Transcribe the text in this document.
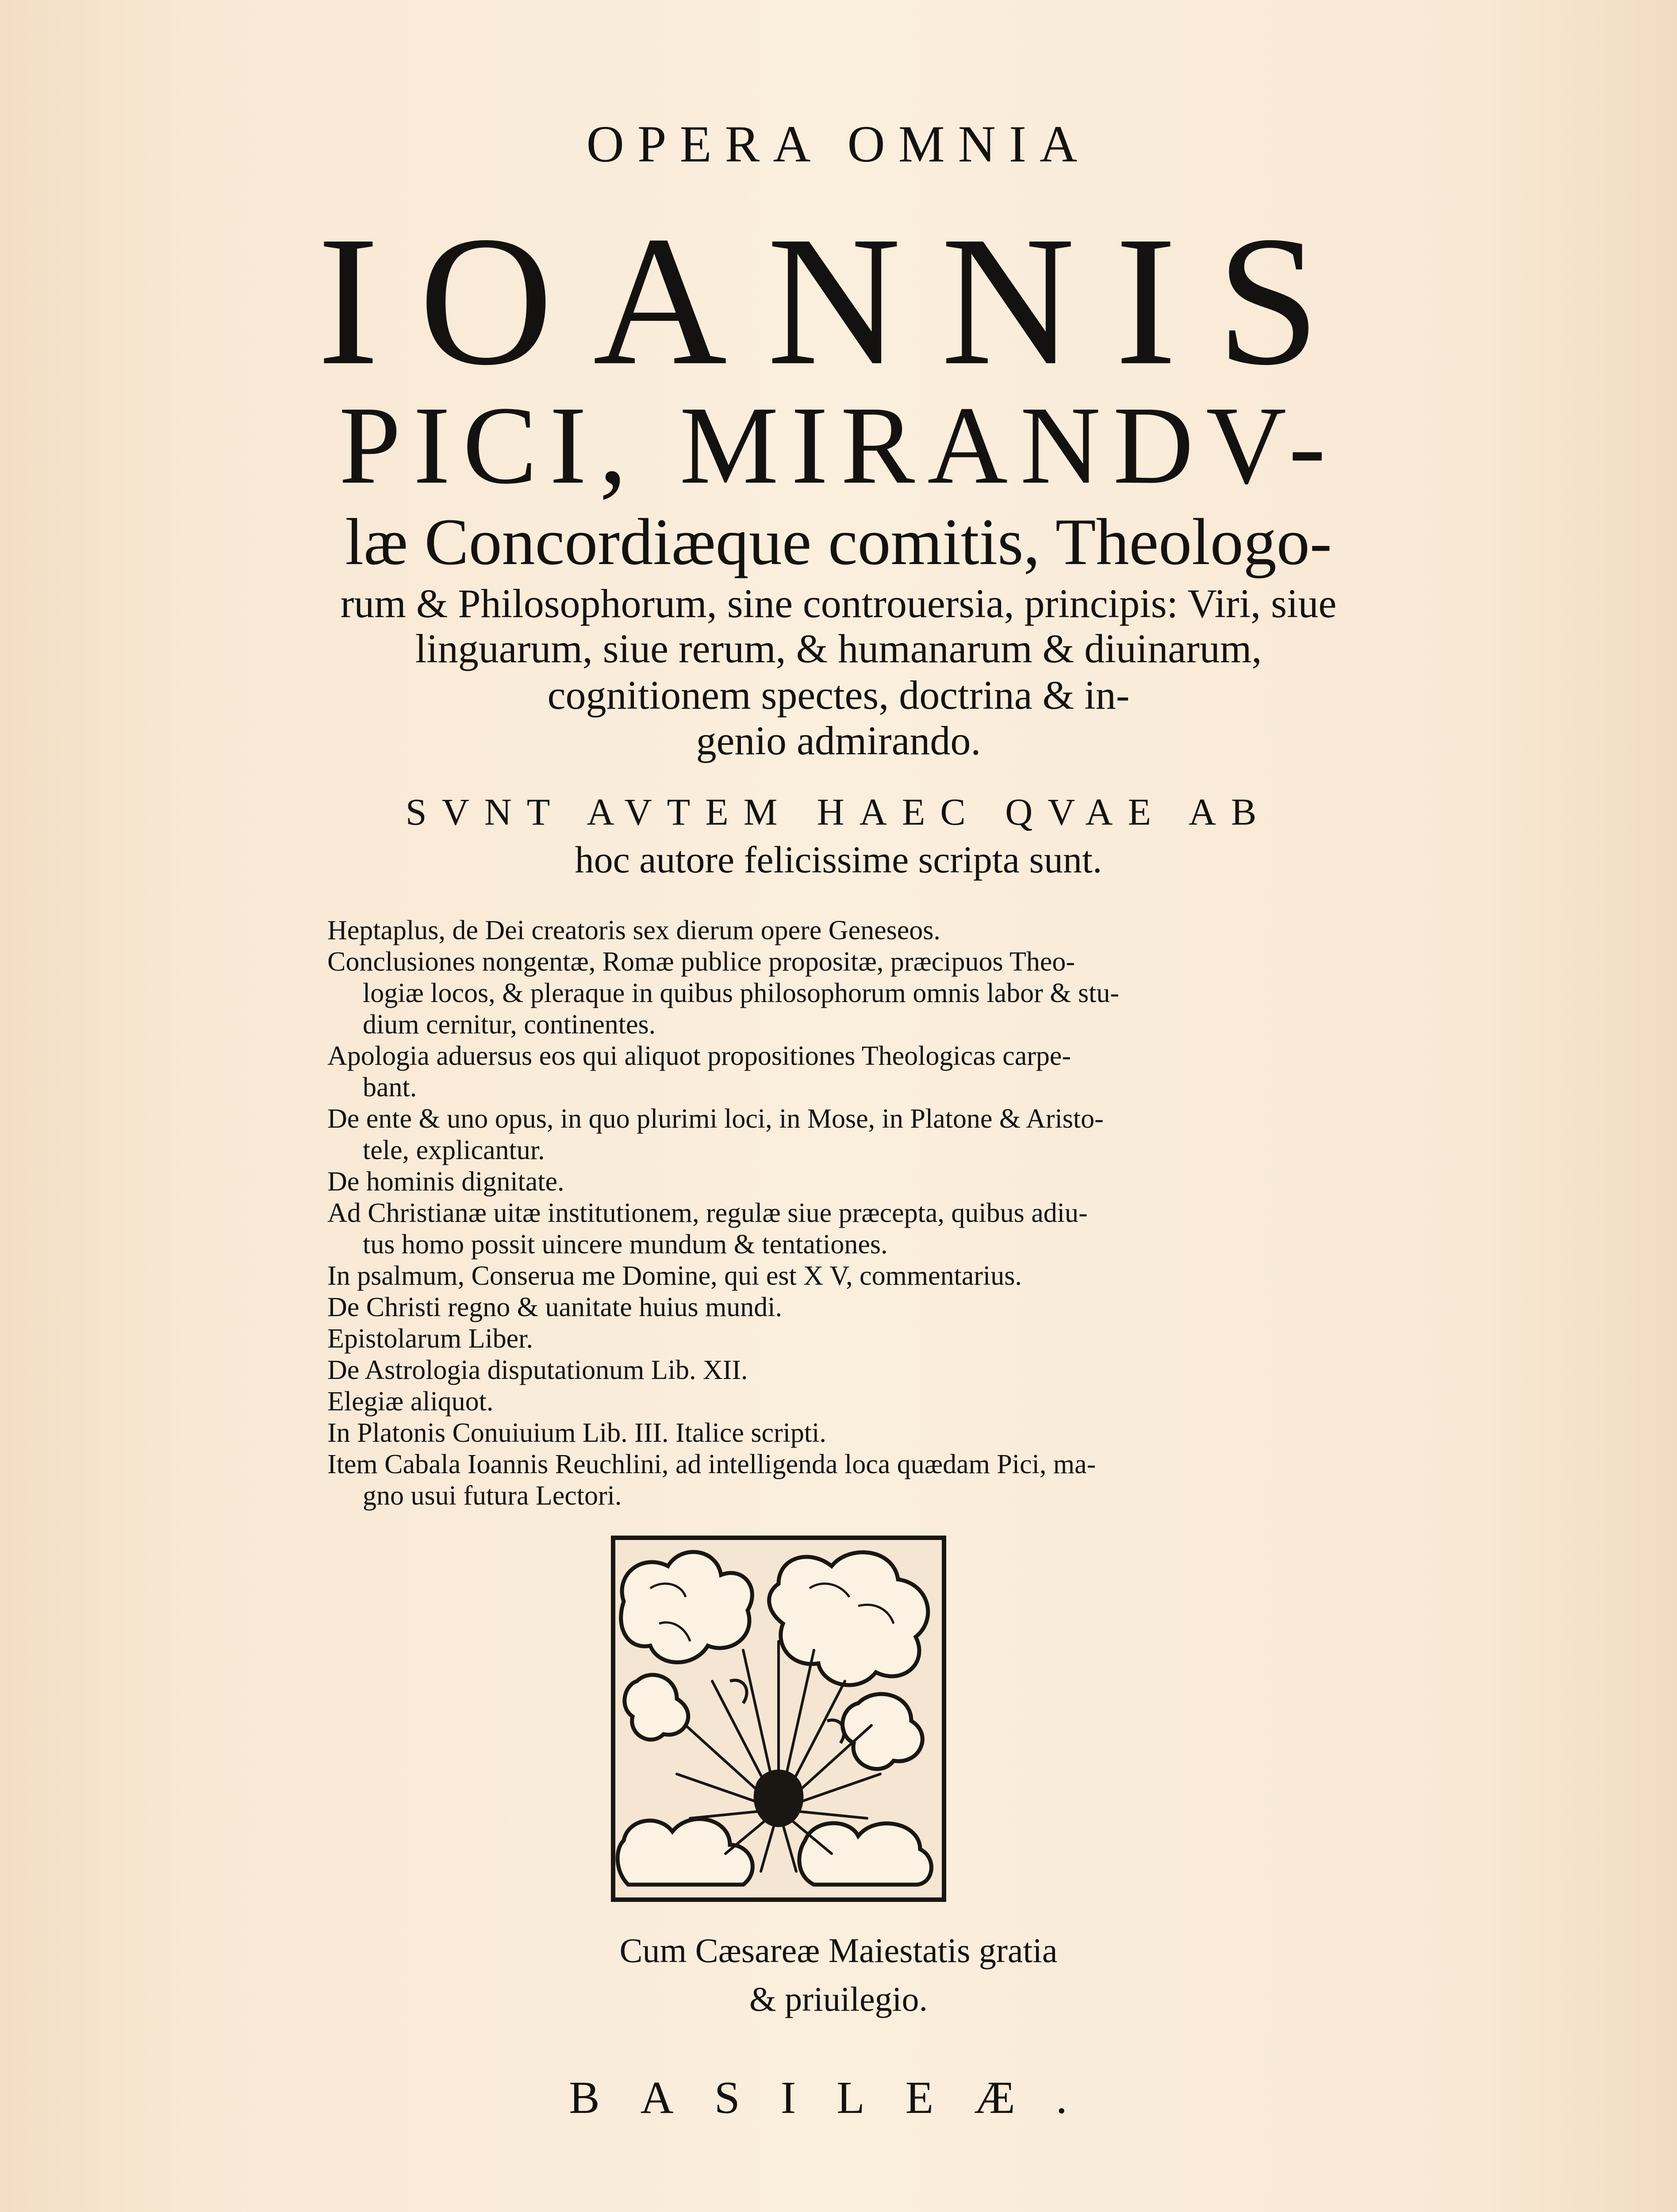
OPERA OMNIA
IOANNIS
PICI, MIRANDV-
læ Concordiæque comitis, Theologo-
rum & Philosophorum, sine controuersia, principis: Viri, siue
linguarum, siue rerum, & humanarum & diuinarum,
cognitionem spectes, doctrina & in-
genio admirando.
SVNT AVTEM HAEC QVAE AB
hoc autore felicissime scripta sunt.
Heptaplus, de Dei creatoris sex dierum opere Geneseos.
Conclusiones nongentæ, Romæ publice propositæ, præcipuos Theo-
logiæ locos, & pleraque in quibus philosophorum omnis labor & stu-
dium cernitur, continentes.
Apologia aduersus eos qui aliquot propositiones Theologicas carpe-
bant.
De ente & uno opus, in quo plurimi loci, in Mose, in Platone & Aristo-
tele, explicantur.
De hominis dignitate.
Ad Christianæ uitæ institutionem, regulæ siue præcepta, quibus adiu-
tus homo possit uincere mundum & tentationes.
In psalmum, Conserua me Domine, qui est X V, commentarius.
De Christi regno & uanitate huius mundi.
Epistolarum Liber.
De Astrologia disputationum Lib. XII.
Elegiæ aliquot.
In Platonis Conuiuium Lib. III. Italice scripti.
Item Cabala Ioannis Reuchlini, ad intelligenda loca quædam Pici, ma-
gno usui futura Lectori.
Cum Cæsareæ Maiestatis gratia
& priuilegio.
BASILEÆ.
